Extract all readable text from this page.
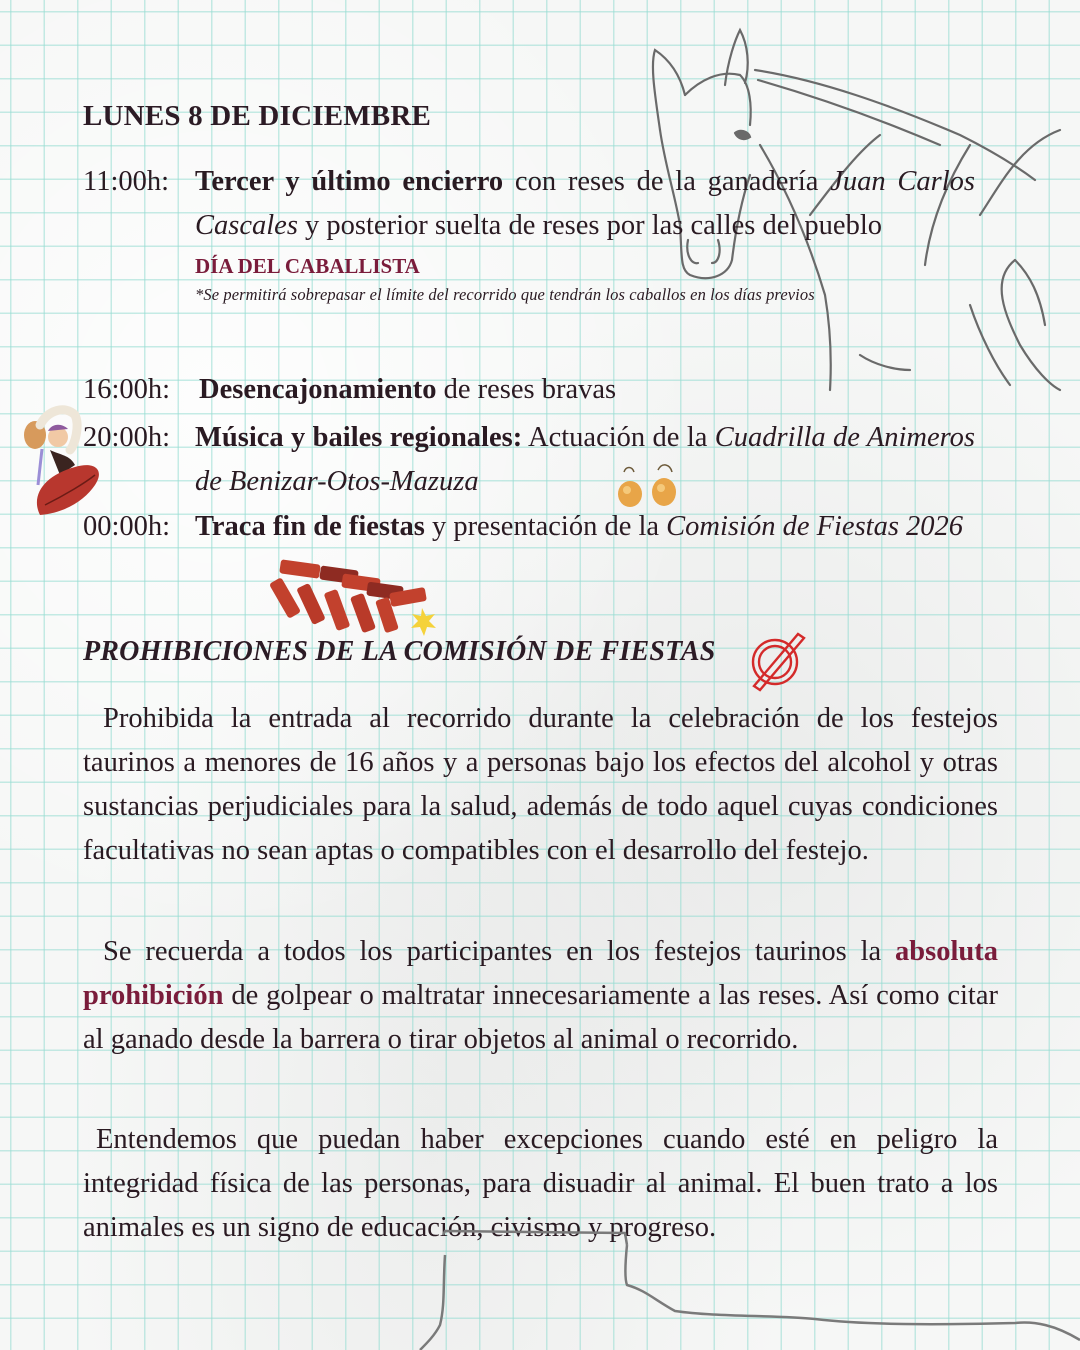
LUNES 8 DE DICIEMBRE
11:00h: Tercer y último encierro con reses de la ganadería Juan Carlos Cascales y posterior suelta de reses por las calles del pueblo
DÍA DEL CABALLISTA
*Se permitirá sobrepasar el límite del recorrido que tendrán los caballos en los días previos
16:00h:	Desencajonamiento de reses bravas
20:00h: Música y bailes regionales: Actuación de la Cuadrilla de Animeros de Benizar-Otos-Mazuza
00:00h: Traca fin de fiestas y presentación de la Comisión de Fiestas 2026
PROHIBICIONES DE LA COMISIÓN DE FIESTAS
Prohibida la entrada al recorrido durante la celebración de los festejos taurinos a menores de 16 años y a personas bajo los efectos del alcohol y otras sustancias perjudiciales para la salud, además de todo aquel cuyas condiciones facultativas no sean aptas o compatibles con el desarrollo del festejo.
Se recuerda a todos los participantes en los festejos taurinos la absoluta prohibición de golpear o maltratar innecesariamente a las reses. Así como citar al ganado desde la barrera o tirar objetos al animal o recorrido.
Entendemos que puedan haber excepciones cuando esté en peligro la integridad física de las personas, para disuadir al animal. El buen trato a los animales es un signo de educación, civismo y progreso.
